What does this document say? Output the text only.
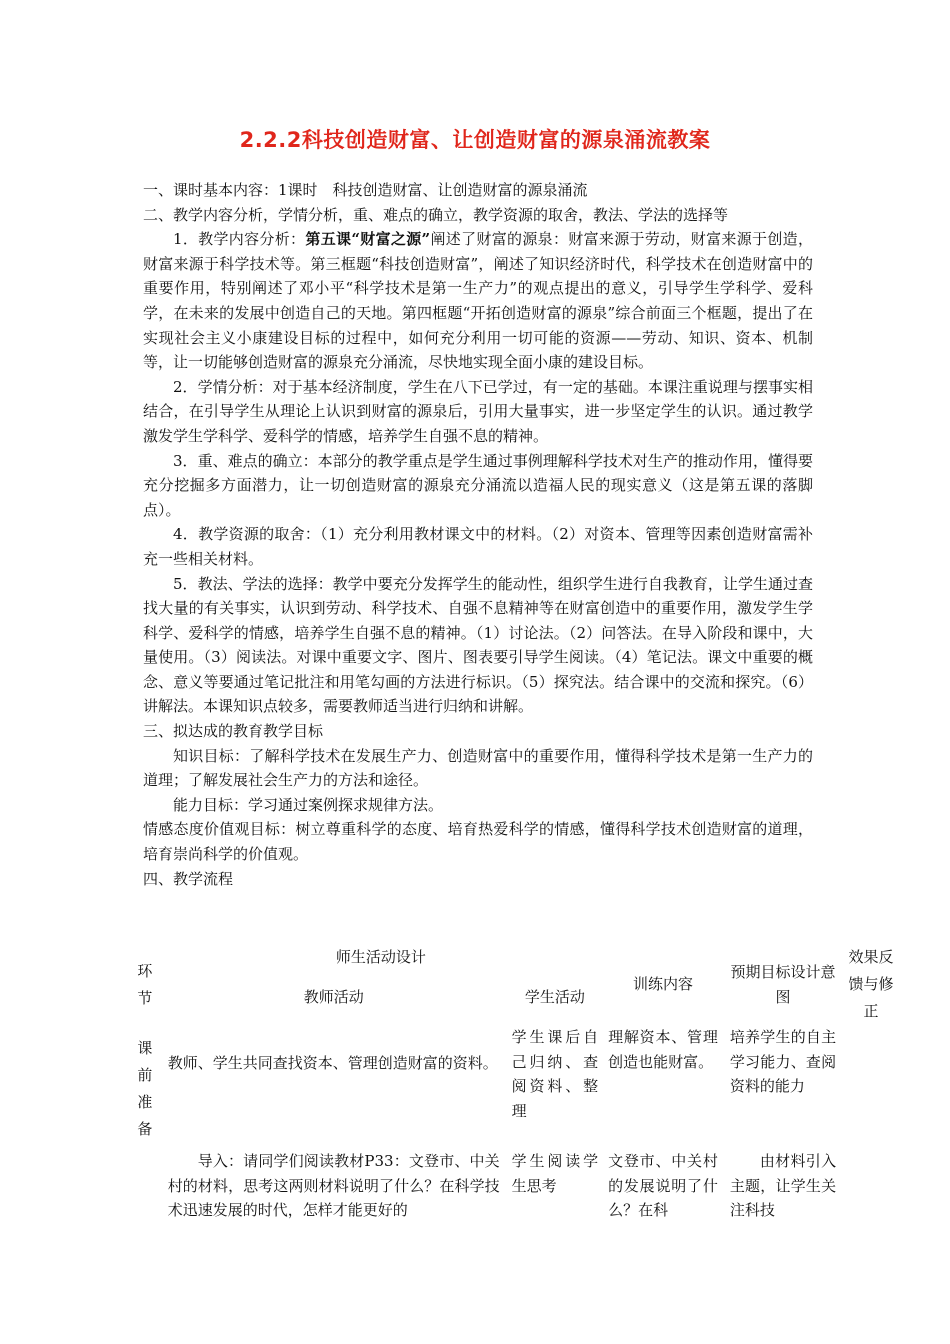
2.2.2科技创造财富、让创造财富的源泉涌流教案

一、课时基本内容：1课时　科技创造财富、让创造财富的源泉涌流

二、教学内容分析，学情分析，重、难点的确立，教学资源的取舍，教法、学法的选择等

1．教学内容分析：第五课“财富之源”阐述了财富的源泉：财富来源于劳动，财富来源于创造，财富来源于科学技术等。第三框题“科技创造财富”，阐述了知识经济时代，科学技术在创造财富中的重要作用，特别阐述了邓小平“科学技术是第一生产力”的观点提出的意义，引导学生学科学、爱科学，在未来的发展中创造自己的天地。第四框题“开拓创造财富的源泉”综合前面三个框题，提出了在实现社会主义小康建设目标的过程中，如何充分利用一切可能的资源——劳动、知识、资本、机制等，让一切能够创造财富的源泉充分涌流，尽快地实现全面小康的建设目标。

2．学情分析：对于基本经济制度，学生在八下已学过，有一定的基础。本课注重说理与摆事实相结合，在引导学生从理论上认识到财富的源泉后，引用大量事实，进一步坚定学生的认识。通过教学激发学生学科学、爱科学的情感，培养学生自强不息的精神。

3．重、难点的确立：本部分的教学重点是学生通过事例理解科学技术对生产的推动作用，懂得要充分挖掘多方面潜力，让一切创造财富的源泉充分涌流以造福人民的现实意义（这是第五课的落脚点）。

4．教学资源的取舍：（1）充分利用教材课文中的材料。（2）对资本、管理等因素创造财富需补充一些相关材料。

5．教法、学法的选择：教学中要充分发挥学生的能动性，组织学生进行自我教育，让学生通过查找大量的有关事实，认识到劳动、科学技术、自强不息精神等在财富创造中的重要作用，激发学生学科学、爱科学的情感，培养学生自强不息的精神。（1）讨论法。（2）问答法。在导入阶段和课中，大量使用。（3）阅读法。对课中重要文字、图片、图表要引导学生阅读。（4）笔记法。课文中重要的概念、意义等要通过笔记批注和用笔勾画的方法进行标识。（5）探究法。结合课中的交流和探究。（6）讲解法。本课知识点较多，需要教师适当进行归纳和讲解。

三、拟达成的教育教学目标

知识目标：了解科学技术在发展生产力、创造财富中的重要作用，懂得科学技术是第一生产力的道理；了解发展社会生产力的方法和途径。

能力目标：学习通过案例探求规律方法。

情感态度价值观目标：树立尊重科学的态度、培育热爱科学的情感，懂得科学技术创造财富的道理，培育崇尚科学的价值观。

四、教学流程

环节	师生活动设计		训练内容	预期目标设计意图	效果反馈与修正

	教师活动	学生活动			

课前准备	教师、学生共同查找资本、管理创造财富的资料。	学生课后自己归纳、查阅资料、整理	理解资本、管理创造也能财富。	培养学生的自主学习能力、查阅资料的能力	
	导入：请同学们阅读教材P33：文登市、中关村的材料，思考这两则材料说明了什么？在科学技术迅速发展的时代，怎样才能更好的	学生阅读学生思考	文登市、中关村的发展说明了什么？在科	由材料引入主题，让学生关注科技	
